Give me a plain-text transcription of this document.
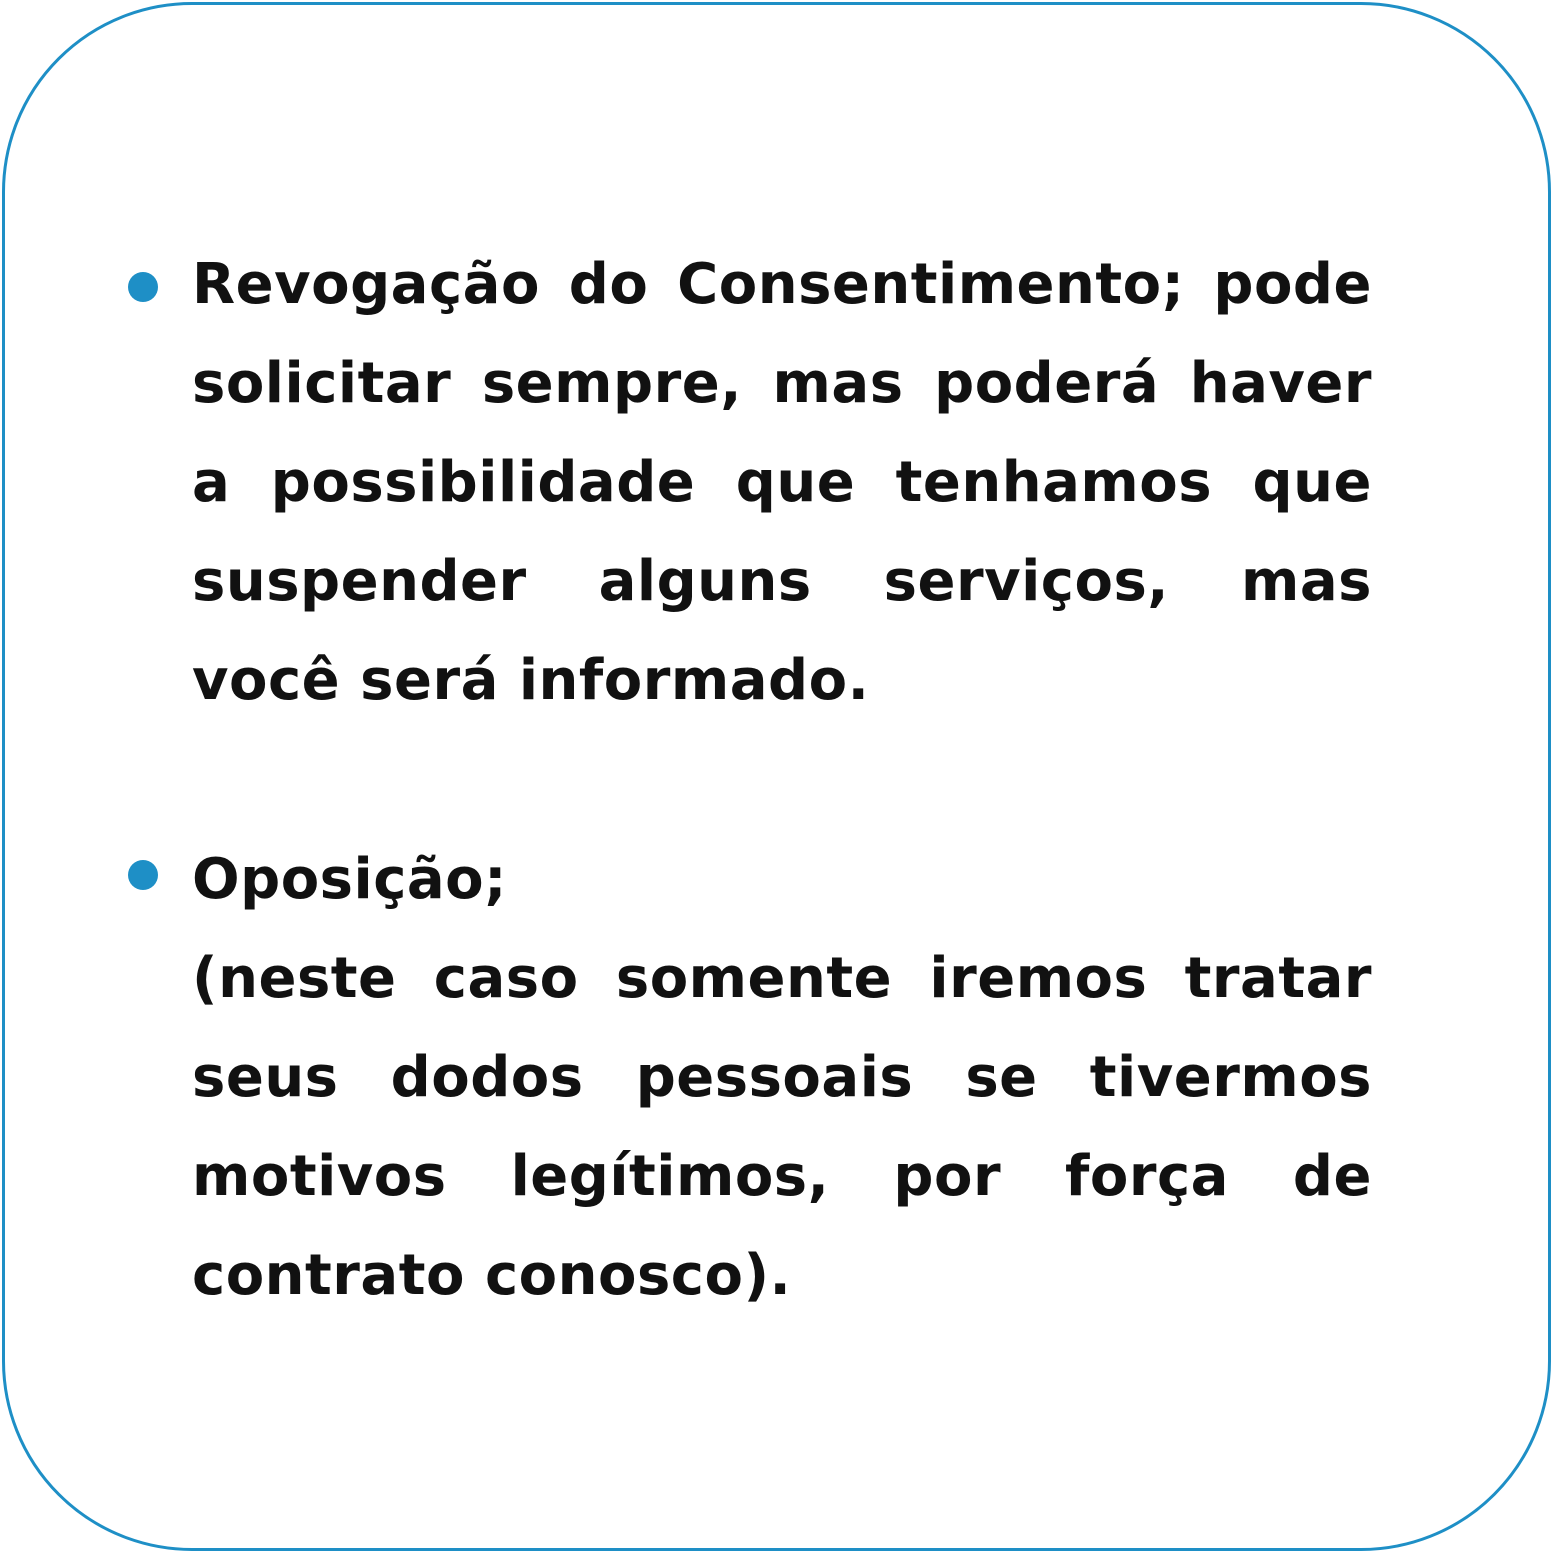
Revogação do Consentimento; pode
solicitar sempre, mas poderá haver
a possibilidade que tenhamos que
suspender alguns serviços, mas
você será informado.
Oposição;
(neste caso somente iremos tratar
seus dodos pessoais se tivermos
motivos legítimos, por força de
contrato conosco).
